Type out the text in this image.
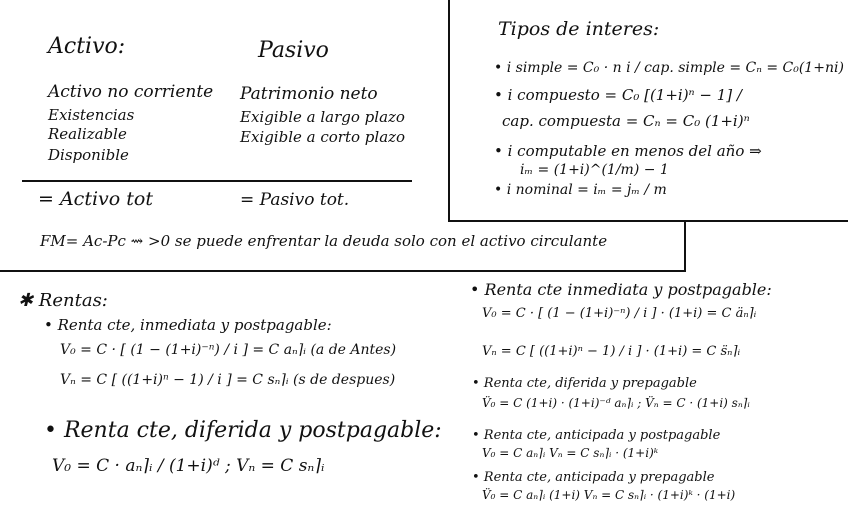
Activo:	Pasivo
Activo no corriente
Existencias
Realizable
Disponible
Patrimonio neto
Exigible a largo plazo
Exigible a corto plazo
= Activo tot	= Pasivo tot.
FM= Ac-Pc ⇝ >0 se puede enfrentar la deuda solo con el activo circulante
Tipos de interes:
• i simple = C₀ · n i / cap. simple = Cₙ = C₀(1+ni)
• i compuesto = C₀ [(1+i)ⁿ − 1] /
cap. compuesta = Cₙ = C₀ (1+i)ⁿ
• i computable en menos del año ⇒
iₘ = (1+i)^(1/m) − 1
• i nominal = iₘ = jₘ / m
✱ Rentas:
• Renta cte, inmediata y postpagable:
V₀ = C · [ (1 − (1+i)⁻ⁿ) / i ] = C aₙ⌉ᵢ (a de Antes)
Vₙ = C [ ((1+i)ⁿ − 1) / i ] = C sₙ⌉ᵢ (s de despues)
• Renta cte, diferida y postpagable:
V₀ = C · aₙ⌉ᵢ / (1+i)ᵈ ; Vₙ = C sₙ⌉ᵢ
• Renta cte inmediata y postpagable:
V₀ = C · [ (1 − (1+i)⁻ⁿ) / i ] · (1+i) = C äₙ⌉ᵢ
Vₙ = C [ ((1+i)ⁿ − 1) / i ] · (1+i) = C s̈ₙ⌉ᵢ
• Renta cte, diferida y prepagable
V̈₀ = C (1+i) · (1+i)⁻ᵈ aₙ⌉ᵢ ; V̈ₙ = C · (1+i) sₙ⌉ᵢ
• Renta cte, anticipada y postpagable
V₀ = C aₙ⌉ᵢ Vₙ = C sₙ⌉ᵢ · (1+i)ᵏ
• Renta cte, anticipada y prepagable
V̈₀ = C aₙ⌉ᵢ (1+i) Vₙ = C sₙ⌉ᵢ · (1+i)ᵏ · (1+i)
